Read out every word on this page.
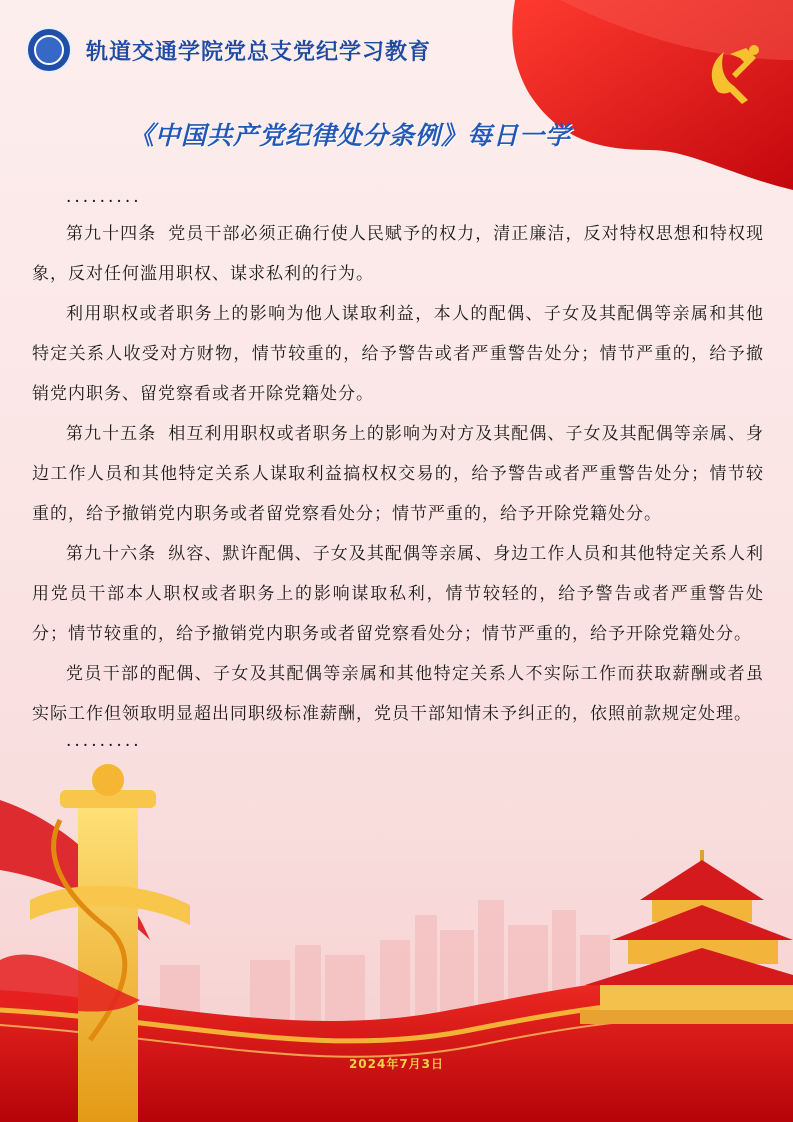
轨道交通学院党总支党纪学习教育
《中国共产党纪律处分条例》每日一学

·········

第九十四条 党员干部必须正确行使人民赋予的权力，清正廉洁，反对特权思想和特权现象，反对任何滥用职权、谋求私利的行为。

利用职权或者职务上的影响为他人谋取利益，本人的配偶、子女及其配偶等亲属和其他特定关系人收受对方财物，情节较重的，给予警告或者严重警告处分；情节严重的，给予撤销党内职务、留党察看或者开除党籍处分。

第九十五条 相互利用职权或者职务上的影响为对方及其配偶、子女及其配偶等亲属、身边工作人员和其他特定关系人谋取利益搞权权交易的，给予警告或者严重警告处分；情节较重的，给予撤销党内职务或者留党察看处分；情节严重的，给予开除党籍处分。

第九十六条 纵容、默许配偶、子女及其配偶等亲属、身边工作人员和其他特定关系人利用党员干部本人职权或者职务上的影响谋取私利，情节较轻的，给予警告或者严重警告处分；情节较重的，给予撤销党内职务或者留党察看处分；情节严重的，给予开除党籍处分。

党员干部的配偶、子女及其配偶等亲属和其他特定关系人不实际工作而获取薪酬或者虽实际工作但领取明显超出同职级标准薪酬，党员干部知情未予纠正的，依照前款规定处理。

·········

2024年7月3日
